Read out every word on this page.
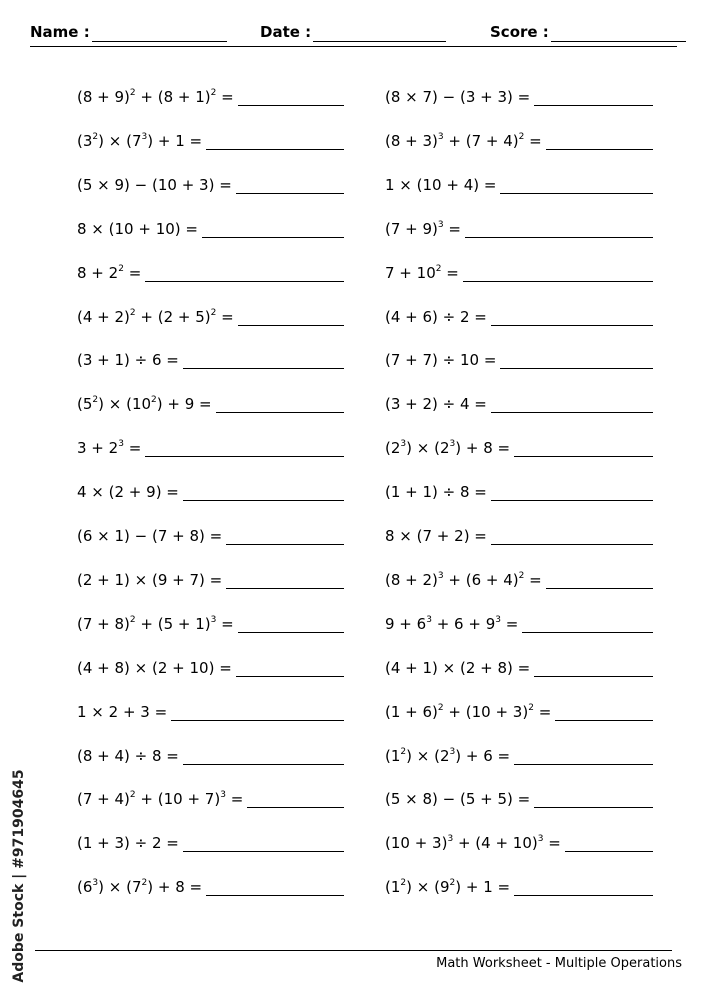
Name :	Date :	Score :
$(8 + 9)^2 + (8 + 1)^2$ =
$(3^2) \times (7^3) + 1$ =
(5 × 9) − (10 + 3) =
8 × (10 + 10) =
$8 + 2^2$ =
$(4 + 2)^2 + (2 + 5)^2$ =
(3 + 1) ÷ 6 =
$(5^2) \times (10^2) + 9$ =
$3 + 2^3$ =
4 × (2 + 9) =
(6 × 1) − (7 + 8) =
(2 + 1) × (9 + 7) =
$(7 + 8)^2 + (5 + 1)^3$ =
(4 + 8) × (2 + 10) =
1 × 2 + 3 =
(8 + 4) ÷ 8 =
$(7 + 4)^2 + (10 + 7)^3$ =
(1 + 3) ÷ 2 =
$(6^3) \times (7^2) + 8$ =
(8 × 7) − (3 + 3) =
$(8 + 3)^3 + (7 + 4)^2$ =
1 × (10 + 4) =
$(7 + 9)^3$ =
$7 + 10^2$ =
(4 + 6) ÷ 2 =
(7 + 7) ÷ 10 =
(3 + 2) ÷ 4 =
$(2^3) \times (2^3) + 8$ =
(1 + 1) ÷ 8 =
8 × (7 + 2) =
$(8 + 2)^3 + (6 + 4)^2$ =
$9 + 6^3 + 6 + 9^3$ =
(4 + 1) × (2 + 8) =
$(1 + 6)^2 + (10 + 3)^2$ =
$(1^2) \times (2^3) + 6$ =
(5 × 8) − (5 + 5) =
$(10 + 3)^3 + (4 + 10)^3$ =
$(1^2) \times (9^2) + 1$ =
Math Worksheet - Multiple Operations
Adobe Stock | #971904645
